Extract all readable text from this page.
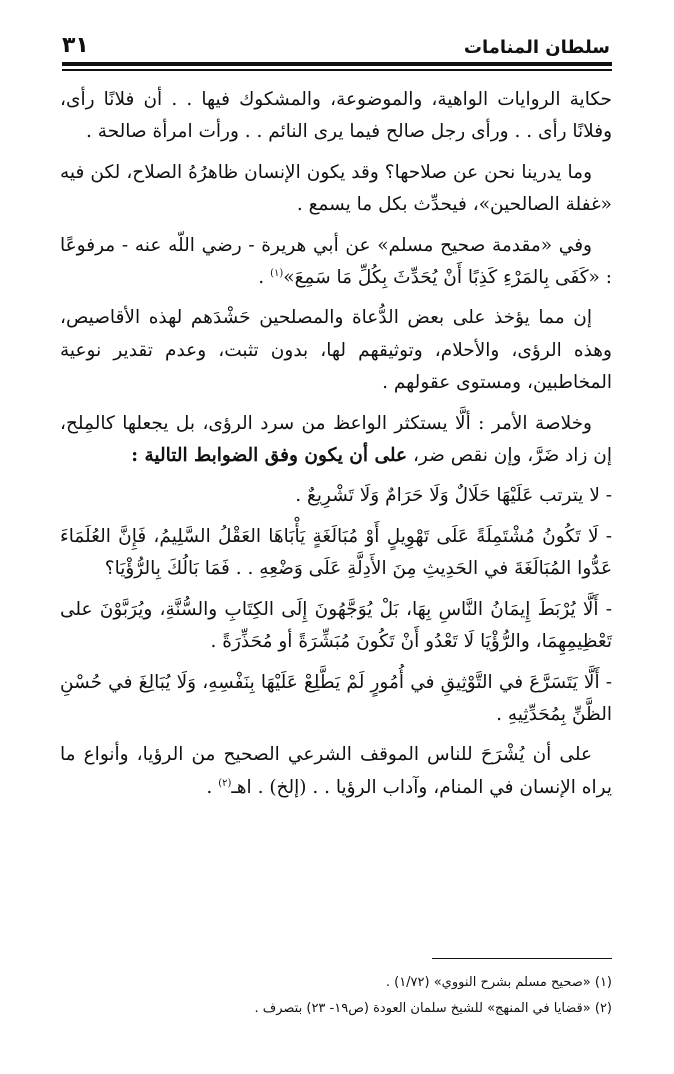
سلطان المنامات
٣١

حكاية الروايات الواهية، والموضوعة، والمشكوك فيها . . أن فلانًا رأى، وفلانًا رأى . . ورأى رجل صالح فيما يرى النائم . . ورأت امرأة صالحة .

وما يدرينا نحن عن صلاحها؟ وقد يكون الإنسان ظاهرُهُ الصلاح، لكن فيه «غفلة الصالحين»، فيحدِّث بكل ما يسمع .

وفي «مقدمة صحيح مسلم» عن أبي هريرة - رضي اللّه عنه - مرفوعًا : «كَفَى بِالمَرْءِ كَذِبًا أَنْ يُحَدِّثَ بِكُلِّ مَا سَمِعَ»$^{(١)}$ .

إن مما يؤخذ على بعض الدُّعاة والمصلحين حَشْدَهم لهذه الأقاصيص، وهذه الرؤى، والأحلام، وتوثيقهم لها، بدون تثبت، وعدم تقدير نوعية المخاطبين، ومستوى عقولهم .

وخلاصة الأمر : ألَّا يستكثر الواعظ من سرد الرؤى، بل يجعلها كالمِلح، إن زاد ضَرَّ، وإن نقص ضر، على أن يكون وفق الضوابط التالية :

- لا يترتب عَلَيْهَا حَلَالٌ وَلَا حَرَامٌ وَلَا تَشْرِيعٌ .

- لَا تَكُونُ مُشْتَمِلَةً عَلَى تَهْوِيلٍ أَوْ مُبَالَغَةٍ يَأْبَاهَا العَقْلُ السَّلِيمُ، فَإِنَّ العُلَمَاءَ عَدُّوا المُبَالَغَةَ في الحَدِيثِ مِنَ الأَدِلَّةِ عَلَى وَضْعِهِ . . فَمَا بَالُكَ بِالرُّؤْيَا؟

- أَلَّا يُرْبَطَ إِيمَانُ النَّاسِ بِهَا، بَلْ يُوَجَّهُونَ إِلَى الكِتَابِ والسُّنَّةِ، ويُرَبَّوْنَ على تَعْظِيمِهِمَا، والرُّؤْيَا لَا تَعْدُو أَنْ تَكُونَ مُبَشِّرَةً أو مُحَذِّرَةً .

- أَلَّا يَتَسَرَّعَ في التَّوْثِيقِ في أُمُورٍ لَمْ يَطَّلِعْ عَلَيْهَا بِنَفْسِهِ، وَلَا يُبَالِغَ في حُسْنِ الظَّنِّ بِمُحَدِّثِيهِ .

على أن يُشْرَحَ للناس الموقف الشرعي الصحيح من الرؤيا، وأنواع ما يراه الإنسان في المنام، وآداب الرؤيا . . (إلخ) . اهـ$^{(٢)}$ .

(١) «صحيح مسلم بشرح النووي» (١/٧٢) .

(٢) «قضايا في المنهج» للشيخ سلمان العودة (ص١٩- ٢٣) بتصرف .
